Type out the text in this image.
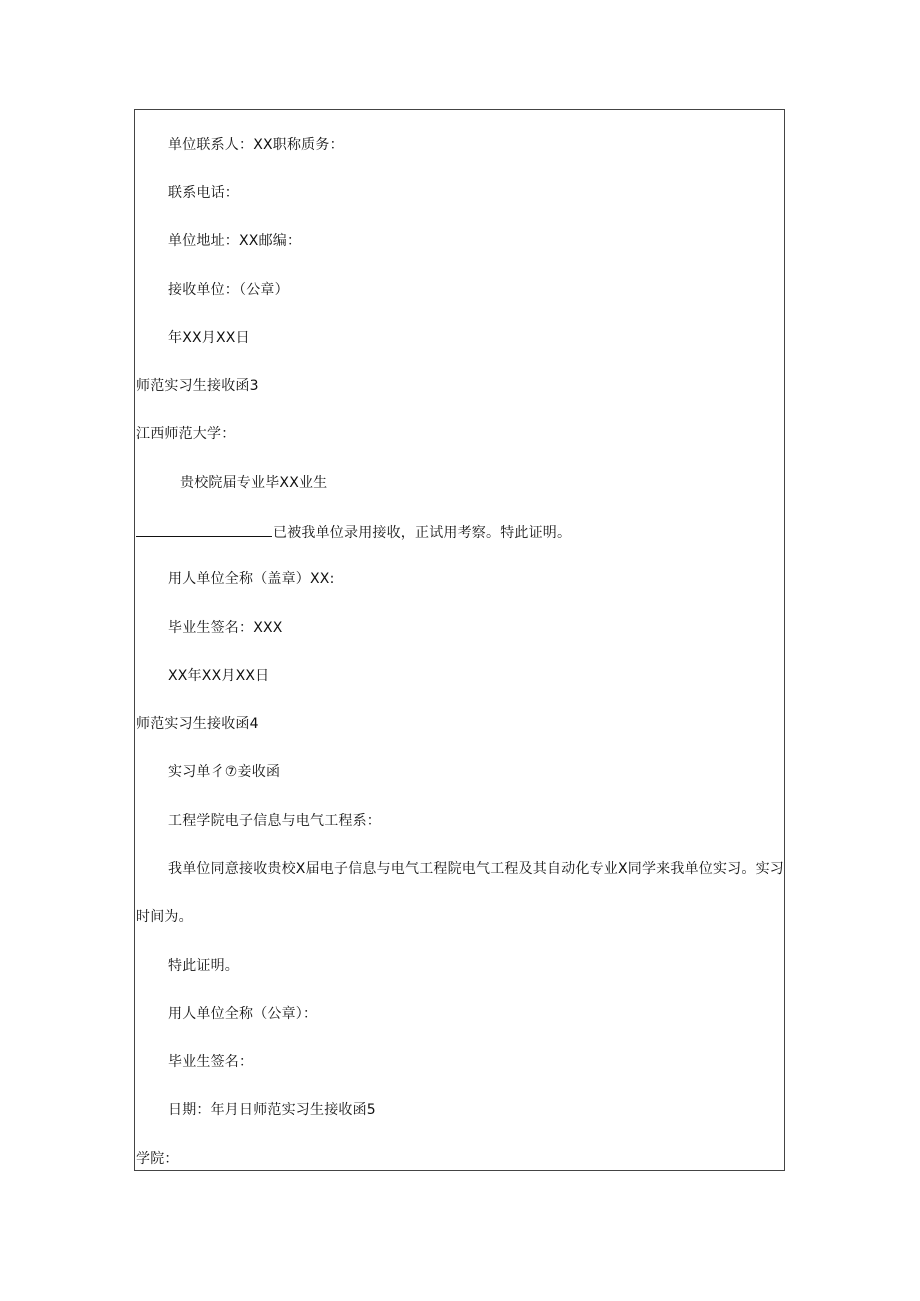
单位联系人：XX职称质务：
联系电话：
单位地址：XX邮编：
接收单位：（公章）
年XX月XX日
师范实习生接收函3
江西师范大学：
贵校院届专业毕XX业生
已被我单位录用接收，正试用考察。特此证明。
用人单位全称（盖章）XX:
毕业生签名：XXX
XX年XX月XX日
师范实习生接收函4
实习单彳⑦妾收函
工程学院电子信息与电气工程系：
我单位同意接收贵校X届电子信息与电气工程院电气工程及其自动化专业X同学来我单位实习。实习
时间为。
特此证明。
用人单位全称（公章）：
毕业生签名：
日期：年月日师范实习生接收函5
学院：
